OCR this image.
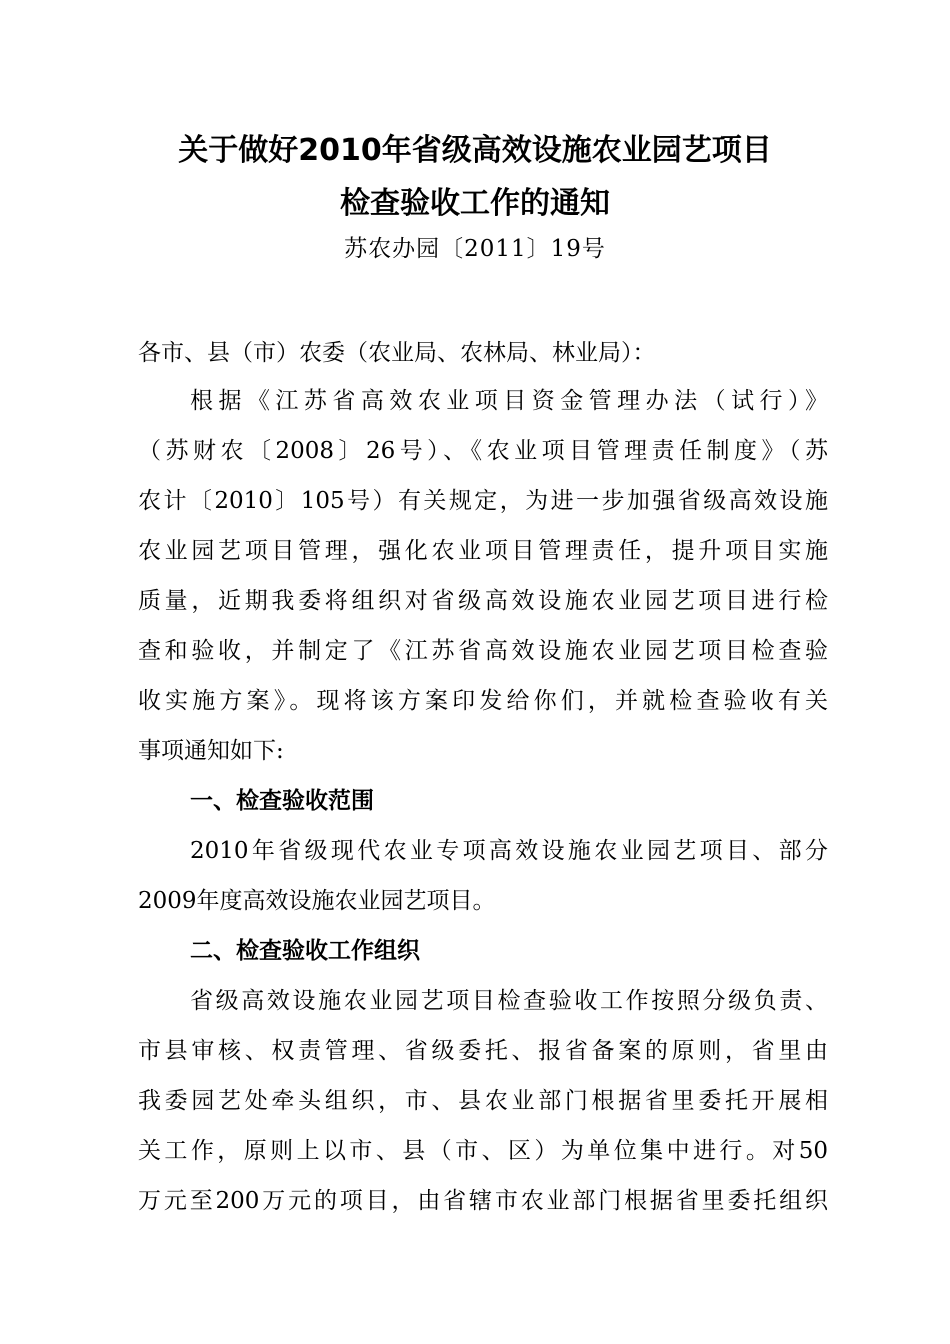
关于做好2010年省级高效设施农业园艺项目
检查验收工作的通知
苏农办园〔2011〕19号

各市、县（市）农委（农业局、农林局、林业局）：

根据《江苏省高效农业项目资金管理办法（试行）》

（苏财农〔2008〕26号）、《农业项目管理责任制度》（苏

农计〔2010〕105号）有关规定，为进一步加强省级高效设施

农业园艺项目管理，强化农业项目管理责任，提升项目实施

质量，近期我委将组织对省级高效设施农业园艺项目进行检

查和验收，并制定了《江苏省高效设施农业园艺项目检查验

收实施方案》。现将该方案印发给你们，并就检查验收有关

事项通知如下:

一、检查验收范围

2010年省级现代农业专项高效设施农业园艺项目、部分

2009年度高效设施农业园艺项目。

二、检查验收工作组织

省级高效设施农业园艺项目检查验收工作按照分级负责、

市县审核、权责管理、省级委托、报省备案的原则，省里由

我委园艺处牵头组织，市、县农业部门根据省里委托开展相

关工作，原则上以市、县（市、区）为单位集中进行。对50

万元至200万元的项目，由省辖市农业部门根据省里委托组织
